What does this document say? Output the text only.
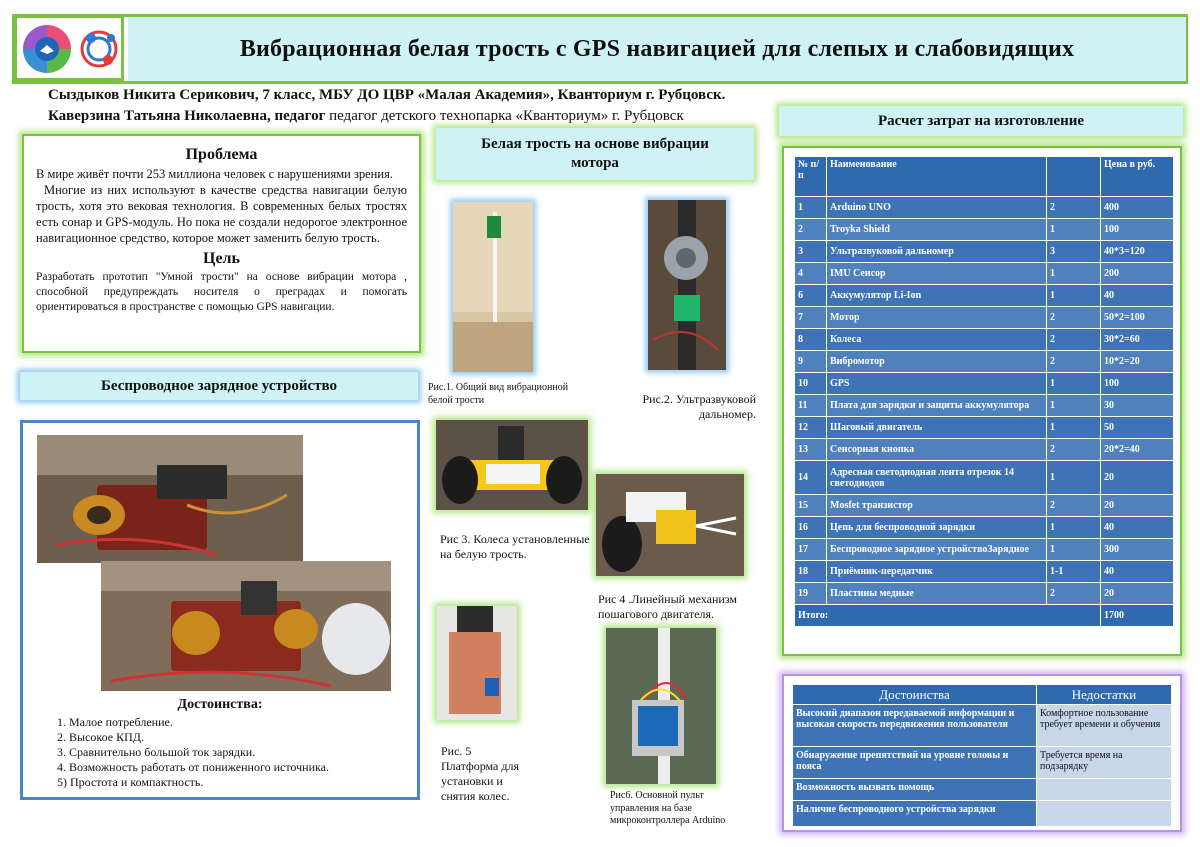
Вибрационная белая трость с GPS навигацией для слепых и слабовидящих
Сыздыков Никита Серикович, 7 класс, МБУ ДО ЦВР «Малая Академия», Кванториум г. Рубцовск.
Каверзина Татьяна Николаевна, педагог педагог детского технопарка «Кванториум» г. Рубцовск
Проблема

В мире живёт почти 253 миллиона человек с нарушениями зрения.

Многие из них используют в качестве средства навигации белую трость, хотя это вековая технология. В современных белых тростях есть сонар и GPS-модуль. Но пока не создали недорогое электронное навигационное средство, которое может заменить белую трость.

Цель

Разработать прототип "Умной трости" на основе вибрации мотора , способной предупреждать носителя о преградах и помогать ориентироваться в пространстве с помощью GPS навигации.

Беспроводное зарядное устройство
Достоинства:
1. Малое потребление.
2. Высокое КПД.
3. Сравнительно большой ток зарядки.
4. Возможность работать от пониженного источника.
5) Простота и компактность.
Белая трость на основе вибрации мотора
Рис.1. Общий вид вибрационной белой трости	Рис.2. Ультразвуковой дальномер.
Рис 3. Колеса установленные на белую трость.
Рис 4 .Линейный механизм пошагового двигателя.
Рис. 5 Платформа для установки и снятия колес.	Рис6. Основной пульт управления на базе микроконтроллера Arduino
Расчет затрат на изготовление
№ п/п	Наименование		Цена в руб.
1	Arduino UNO	2	400
2	Troyka Shield	1	100
3	Ультразвуковой дальномер	3	40*3=120
4	IMU Сенсор	1	200
6	Аккумулятор Li-Ion	1	40
7	Мотор	2	50*2=100
8	Колеса	2	30*2=60
9	Вибромотор	2	10*2=20
10	GPS	1	100
11	Плата для зарядки и защиты аккумулятора	1	30
12	Шаговый двигатель	1	50
13	Сенсорная кнопка	2	20*2=40
14	Адресная светодиодная лента отрезок 14 светодиодов	1	20
15	Mosfet транзистор	2	20
16	Цепь для беспроводной зарядки	1	40
17	Беспроводное зарядное устройствоЗарядное	1	300
18	Приёмник-передатчик	1-1	40
19	Пластины медные	2	20
Итого:			1700
Достоинства	Недостатки
Высокий диапазон передаваемой информации и высокая скорость передвижения пользователя	Комфортное пользование требует времени и обучения
Обнаружение препятствий на уровне головы и пояса	Требуется время на подзарядку
Возможность вызвать помощь	
Наличие беспроводного устройства зарядки	
